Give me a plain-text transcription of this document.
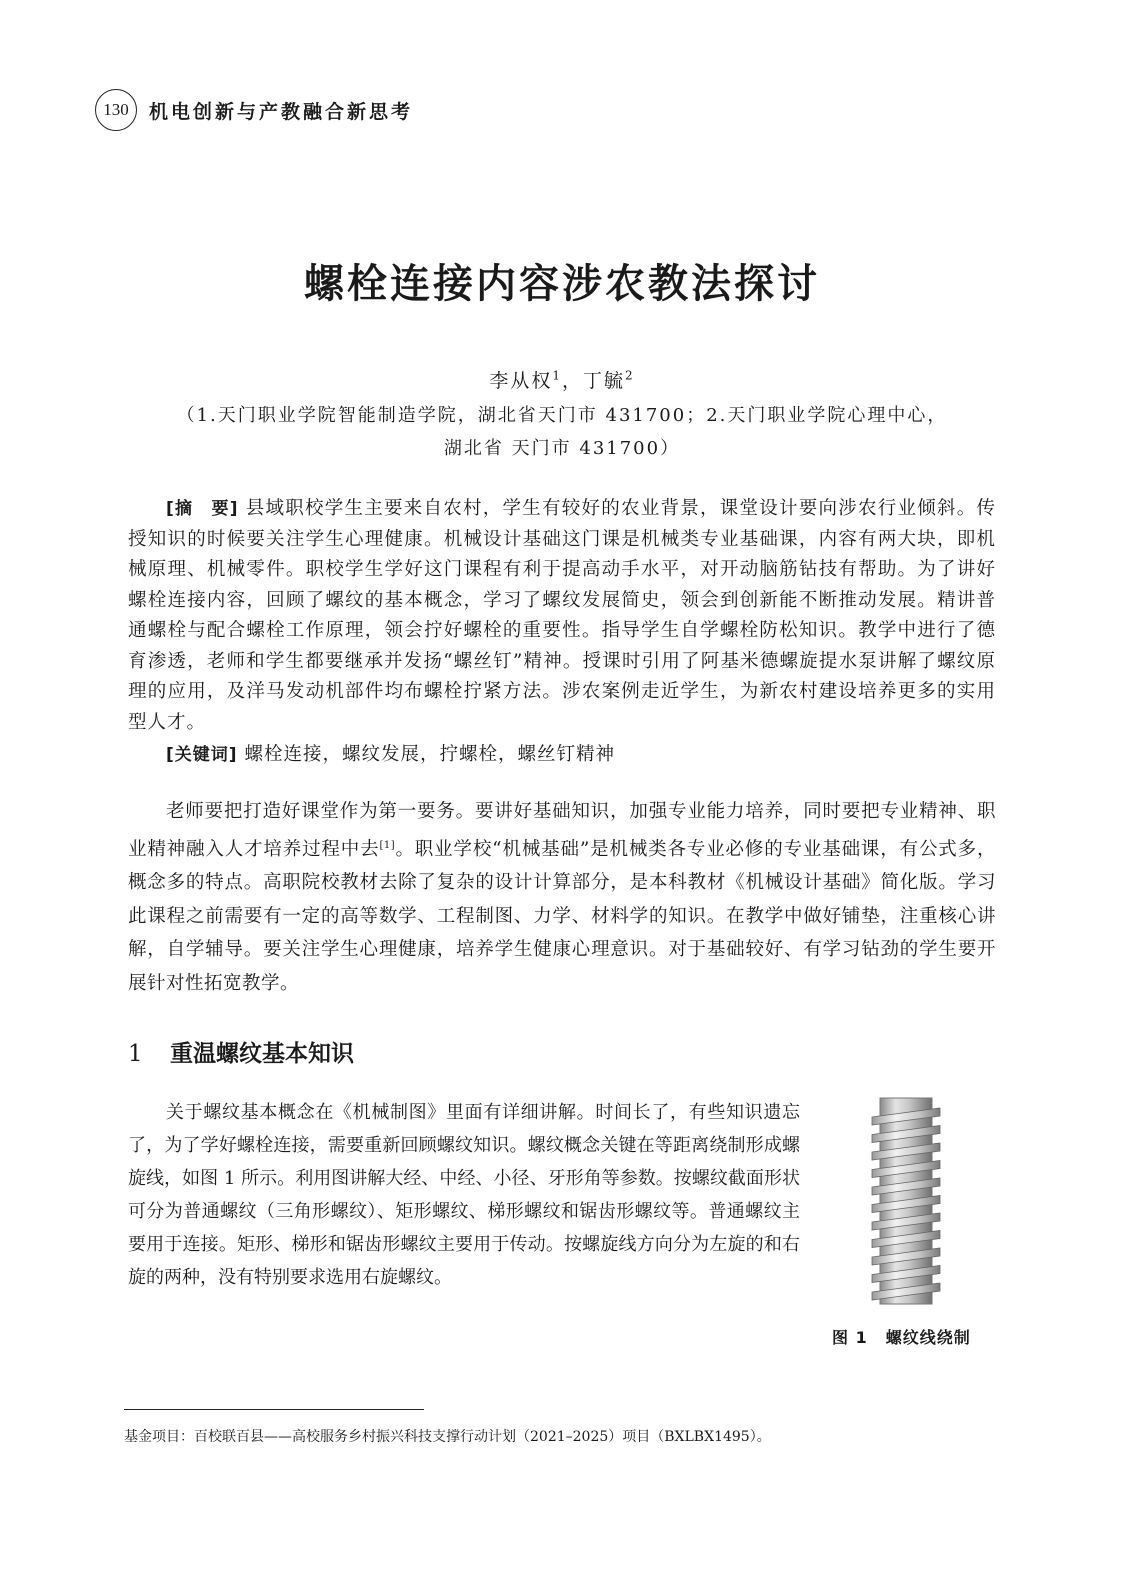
130	机电创新与产教融合新思考
螺栓连接内容涉农教法探讨
李从权$^1$，丁毓$^2$
（1.天门职业学院智能制造学院，湖北省天门市 431700；2.天门职业学院心理中心，
湖北省 天门市 431700）
[摘　要] 县域职校学生主要来自农村，学生有较好的农业背景，课堂设计要向涉农行业倾斜。传授知识的时候要关注学生心理健康。机械设计基础这门课是机械类专业基础课，内容有两大块，即机械原理、机械零件。职校学生学好这门课程有利于提高动手水平，对开动脑筋钻技有帮助。为了讲好螺栓连接内容，回顾了螺纹的基本概念，学习了螺纹发展简史，领会到创新能不断推动发展。精讲普通螺栓与配合螺栓工作原理，领会拧好螺栓的重要性。指导学生自学螺栓防松知识。教学中进行了德育渗透，老师和学生都要继承并发扬“螺丝钉”精神。授课时引用了阿基米德螺旋提水泵讲解了螺纹原理的应用，及洋马发动机部件均布螺栓拧紧方法。涉农案例走近学生，为新农村建设培养更多的实用型人才。
[关键词] 螺栓连接，螺纹发展，拧螺栓，螺丝钉精神
老师要把打造好课堂作为第一要务。要讲好基础知识，加强专业能力培养，同时要把专业精神、职业精神融入人才培养过程中去[1]。职业学校“机械基础”是机械类各专业必修的专业基础课，有公式多，概念多的特点。高职院校教材去除了复杂的设计计算部分，是本科教材《机械设计基础》简化版。学习此课程之前需要有一定的高等数学、工程制图、力学、材料学的知识。在教学中做好铺垫，注重核心讲解，自学辅导。要关注学生心理健康，培养学生健康心理意识。对于基础较好、有学习钻劲的学生要开展针对性拓宽教学。
1	重温螺纹基本知识
关于螺纹基本概念在《机械制图》里面有详细讲解。时间长了，有些知识遗忘了，为了学好螺栓连接，需要重新回顾螺纹知识。螺纹概念关键在等距离绕制形成螺旋线，如图 1 所示。利用图讲解大经、中经、小径、牙形角等参数。按螺纹截面形状可分为普通螺纹（三角形螺纹）、矩形螺纹、梯形螺纹和锯齿形螺纹等。普通螺纹主要用于连接。矩形、梯形和锯齿形螺纹主要用于传动。按螺旋线方向分为左旋的和右旋的两种，没有特别要求选用右旋螺纹。
图 1 螺纹线绕制
基金项目：百校联百县——高校服务乡村振兴科技支撑行动计划（2021–2025）项目（BXLBX1495）。
